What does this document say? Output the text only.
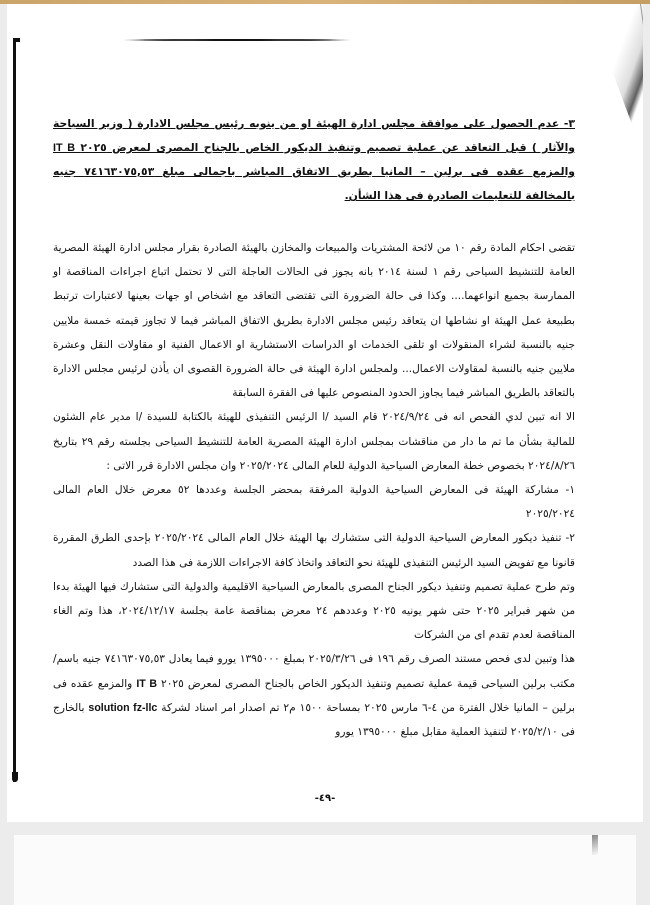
٣- عدم الحصول على موافقة مجلس ادارة الهيئة او من ينوبه رئيس مجلس الادارة ( وزير السياحة والآثار ) قبل التعاقد عن عملية تصميم وتنفيذ الديكور الخاص بالجناح المصرى لمعرض ٢٠٢٥ IT B والمزمع عقده فى برلين – المانيا بطريق الاتفاق المباشر باجمالى مبلغ ٧٤١٦٣٠٧٥,٥٣ جنيه بالمخالفة للتعليمات الصادرة فى هذا الشأن.

تقضى احكام المادة رقم ١٠ من لائحة المشتريات والمبيعات والمخازن بالهيئة الصادرة بقرار مجلس ادارة الهيئة المصرية العامة للتنشيط السياحى رقم ١ لسنة ٢٠١٤ بانه يجوز فى الحالات العاجلة التى لا تحتمل اتباع اجراءات المناقصة او الممارسة بجميع انواعهما.... وكذا فى حالة الضرورة التى تقتضى التعاقد مع اشخاص او جهات بعينها لاعتبارات ترتبط بطبيعة عمل الهيئة او نشاطها ان يتعاقد رئيس مجلس الادارة بطريق الاتفاق المباشر فيما لا تجاوز قيمته خمسة ملايين جنيه بالنسبة لشراء المنقولات او تلقى الخدمات او الدراسات الاستشارية او الاعمال الفنية او مقاولات النقل وعشرة ملايين جنيه بالنسبة لمقاولات الاعمال... ولمجلس ادارة الهيئة فى حالة الضرورة القصوى ان يأذن لرئيس مجلس الادارة بالتعاقد بالطريق المباشر فيما يجاوز الحدود المنصوص عليها فى الفقرة السابقة

الا انه تبين لدي الفحص انه فى ٢٠٢٤/٩/٢٤ قام السيد /ا الرئيس التنفيذى للهيئة بالكتابة للسيدة /ا مدير عام الشئون للمالية بشأن ما تم ما دار من مناقشات بمجلس ادارة الهيئة المصرية العامة للتنشيط السياحى بجلسته رقم ٢٩ بتاريخ ٢٠٢٤/٨/٢٦ بخصوص خطة المعارض السياحية الدولية للعام المالى ٢٠٢٥/٢٠٢٤ وان مجلس الادارة قرر الاتى :

١- مشاركة الهيئة فى المعارض السياحية الدولية المرفقة بمحضر الجلسة وعددها ٥٢ معرض خلال العام المالى ٢٠٢٥/٢٠٢٤

٢- تنفيذ ديكور المعارض السياحية الدولية التى ستشارك بها الهيئة خلال العام المالى ٢٠٢٥/٢٠٢٤ بإحدى الطرق المقررة قانونا مع تفويض السيد الرئيس التنفيذى للهيئة نحو التعاقد واتخاذ كافة الاجراءات اللازمة فى هذا الصدد

وتم طرح عملية تصميم وتنفيذ ديكور الجناح المصرى بالمعارض السياحية الاقليمية والدولية التى ستشارك فيها الهيئة بدءا من شهر فبراير ٢٠٢٥ حتى شهر يونيه ٢٠٢٥ وعددهم ٢٤ معرض بمناقصة عامة بجلسة ٢٠٢٤/١٢/١٧، هذا وتم الغاء المناقصة لعدم تقدم اى من الشركات

هذا وتبين لدى فحص مستند الصرف رقم ١٩٦ فى ٢٠٢٥/٣/٢٦ بمبلغ ١٣٩٥٠٠٠ يورو فيما يعادل ٧٤١٦٣٠٧٥,٥٣ جنيه باسم/ مكتب برلين السياحى قيمة عملية تصميم وتنفيذ الديكور الخاص بالجناح المصرى لمعرض ٢٠٢٥ IT B والمزمع عقده فى برلين – المانيا خلال الفترة من ٤-٦ مارس ٢٠٢٥ بمساحة ١٥٠٠ م٢ تم اصدار امر اسناد لشركة solution fz-llc بالخارج فى ٢٠٢٥/٢/١٠ لتنفيذ العملية مقابل مبلغ ١٣٩٥٠٠٠ يورو

-٤٩-
